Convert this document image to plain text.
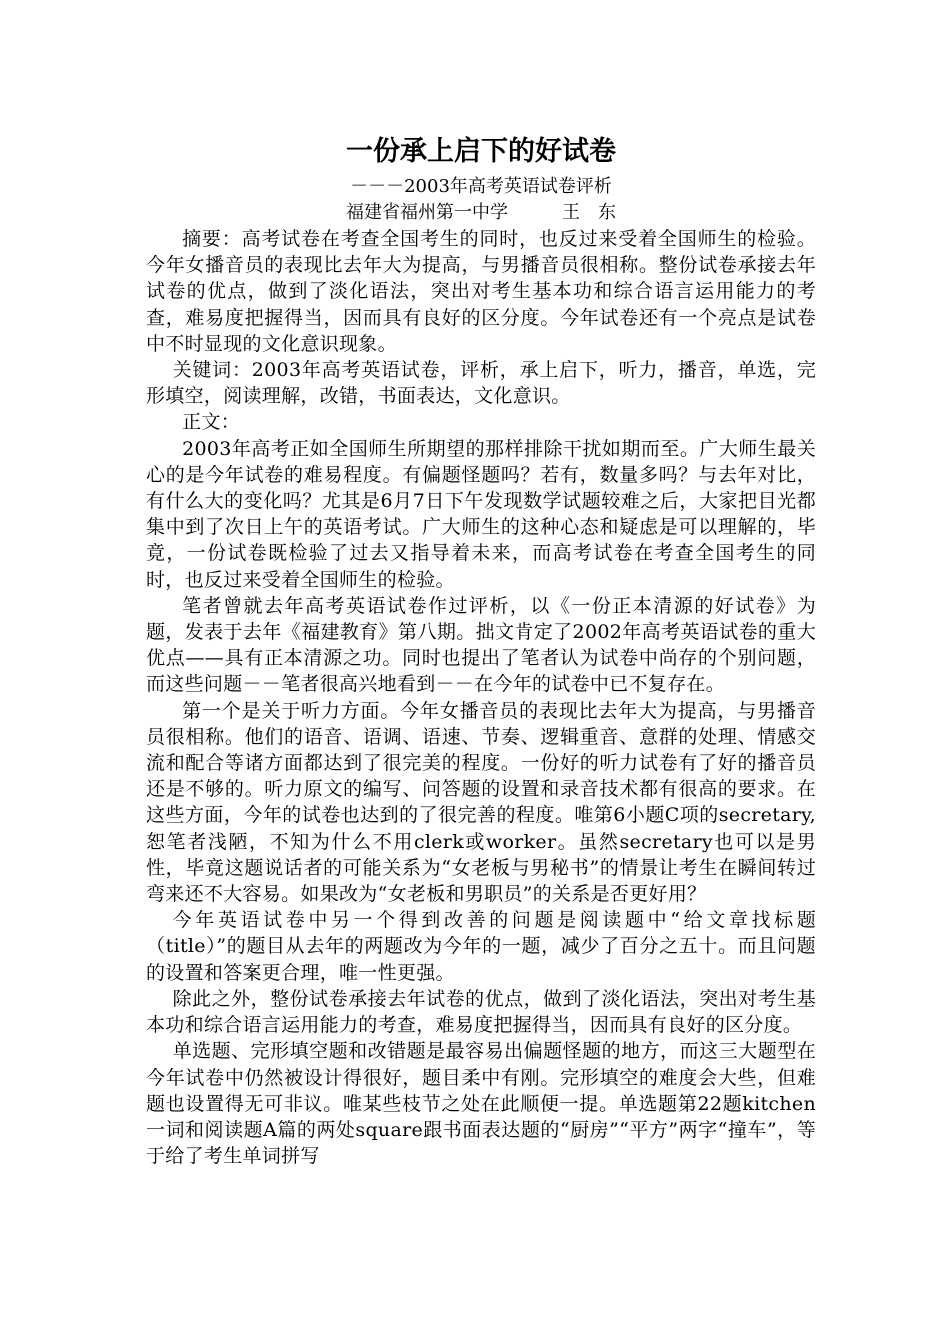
一份承上启下的好试卷

－－－2003年高考英语试卷评析

福建省福州第一中学　　　王　东

摘要：高考试卷在考查全国考生的同时，也反过来受着全国师生的检验。今年女播音员的表现比去年大为提高，与男播音员很相称。整份试卷承接去年试卷的优点，做到了淡化语法，突出对考生基本功和综合语言运用能力的考查，难易度把握得当，因而具有良好的区分度。今年试卷还有一个亮点是试卷中不时显现的文化意识现象。

关键词：2003年高考英语试卷，评析，承上启下，听力，播音，单选，完形填空，阅读理解，改错，书面表达，文化意识。

正文：

2003年高考正如全国师生所期望的那样排除干扰如期而至。广大师生最关心的是今年试卷的难易程度。有偏题怪题吗？若有，数量多吗？与去年对比，有什么大的变化吗？尤其是6月7日下午发现数学试题较难之后，大家把目光都集中到了次日上午的英语考试。广大师生的这种心态和疑虑是可以理解的，毕竟，一份试卷既检验了过去又指导着未来，而高考试卷在考查全国考生的同时，也反过来受着全国师生的检验。

笔者曾就去年高考英语试卷作过评析，以《一份正本清源的好试卷》为题，发表于去年《福建教育》第八期。拙文肯定了2002年高考英语试卷的重大优点——具有正本清源之功。同时也提出了笔者认为试卷中尚存的个别问题，而这些问题－－笔者很高兴地看到－－在今年的试卷中已不复存在。

第一个是关于听力方面。今年女播音员的表现比去年大为提高，与男播音员很相称。他们的语音、语调、语速、节奏、逻辑重音、意群的处理、情感交流和配合等诸方面都达到了很完美的程度。一份好的听力试卷有了好的播音员还是不够的。听力原文的编写、问答题的设置和录音技术都有很高的要求。在这些方面，今年的试卷也达到的了很完善的程度。唯第6小题C项的secretary, 恕笔者浅陋，不知为什么不用clerk或worker。虽然secretary也可以是男性，毕竟这题说话者的可能关系为“女老板与男秘书”的情景让考生在瞬间转过弯来还不大容易。如果改为“女老板和男职员”的关系是否更好用？

今年英语试卷中另一个得到改善的问题是阅读题中“给文章找标题（title）”的题目从去年的两题改为今年的一题，减少了百分之五十。而且问题的设置和答案更合理，唯一性更强。

除此之外，整份试卷承接去年试卷的优点，做到了淡化语法，突出对考生基本功和综合语言运用能力的考查，难易度把握得当，因而具有良好的区分度。

单选题、完形填空题和改错题是最容易出偏题怪题的地方，而这三大题型在今年试卷中仍然被设计得很好，题目柔中有刚。完形填空的难度会大些，但难题也设置得无可非议。唯某些枝节之处在此顺便一提。单选题第22题kitchen一词和阅读题A篇的两处square跟书面表达题的“厨房”“平方”两字“撞车”，等于给了考生单词拼写
